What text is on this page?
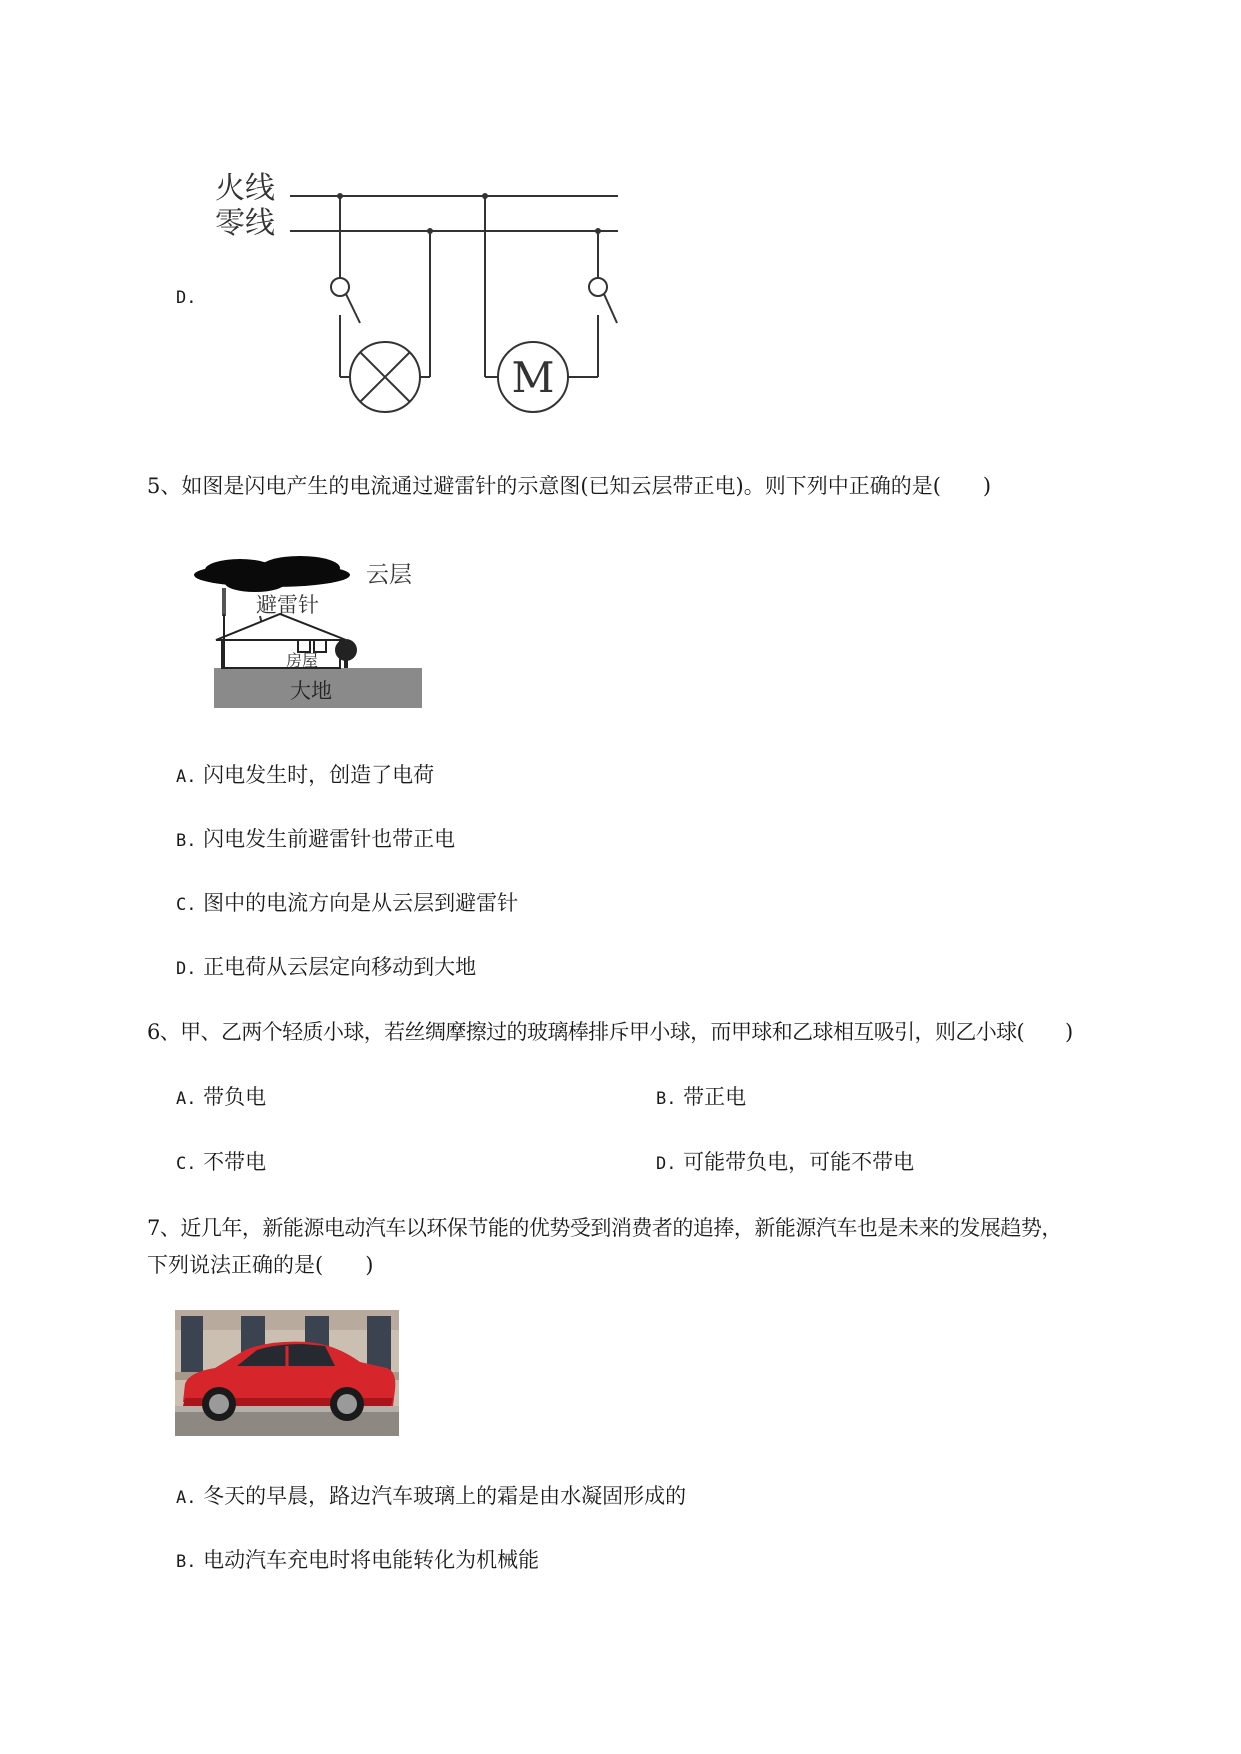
D.
火线
零线
M
5、如图是闪电产生的电流通过避雷针的示意图(已知云层带正电)。则下列中正确的是(　　)
云层
避雷针
大地
房屋
A. 闪电发生时，创造了电荷
B. 闪电发生前避雷针也带正电
C. 图中的电流方向是从云层到避雷针
D. 正电荷从云层定向移动到大地
6、甲、乙两个轻质小球，若丝绸摩擦过的玻璃棒排斥甲小球，而甲球和乙球相互吸引，则乙小球(　　)
A. 带负电	B. 带正电
C. 不带电	D. 可能带负电，可能不带电
7、近几年，新能源电动汽车以环保节能的优势受到消费者的追捧，新能源汽车也是未来的发展趋势，
下列说法正确的是(　　)
A. 冬天的早晨，路边汽车玻璃上的霜是由水凝固形成的
B. 电动汽车充电时将电能转化为机械能
